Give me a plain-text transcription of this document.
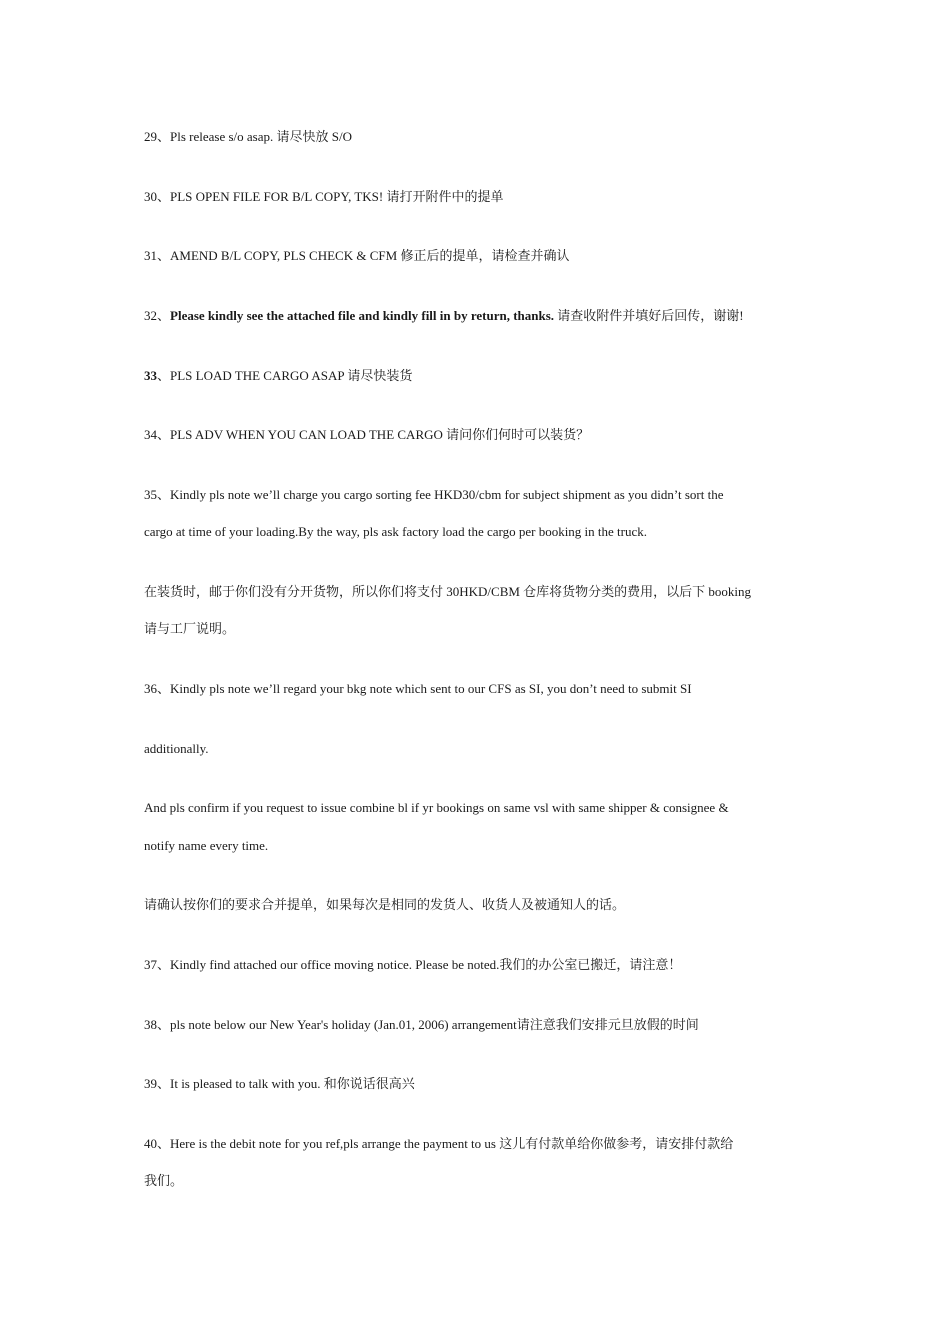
29、Pls release s/o asap. 请尽快放 S/O
30、PLS OPEN FILE FOR B/L COPY, TKS! 请打开附件中的提单
31、AMEND B/L COPY, PLS CHECK & CFM 修正后的提单，请检查并确认
32、Please kindly see the attached file and kindly fill in by return, thanks. 请查收附件并填好后回传，谢谢!
33、PLS LOAD THE CARGO ASAP 请尽快装货
34、PLS ADV WHEN YOU CAN LOAD THE CARGO 请问你们何时可以装货？
35、Kindly pls note we’ll charge you cargo sorting fee HKD30/cbm for subject shipment as you didn’t sort the
cargo at time of your loading.By the way, pls ask factory load the cargo per booking in the truck.
在装货时，邮于你们没有分开货物，所以你们将支付 30HKD/CBM 仓库将货物分类的费用，以后下 booking
请与工厂说明。
36、Kindly pls note we’ll regard your bkg note which sent to our CFS as SI, you don’t need to submit SI
additionally.
And pls confirm if you request to issue combine bl if yr bookings on same vsl with same shipper & consignee &
notify name every time.
请确认按你们的要求合并提单，如果每次是相同的发货人、收货人及被通知人的话。
37、Kindly find attached our office moving notice. Please be noted.我们的办公室已搬迁，请注意！
38、pls note below our New Year's holiday (Jan.01, 2006) arrangement请注意我们安排元旦放假的时间
39、It is pleased to talk with you. 和你说话很高兴
40、Here is the debit note for you ref,pls arrange the payment to us 这儿有付款单给你做参考，请安排付款给
我们。
